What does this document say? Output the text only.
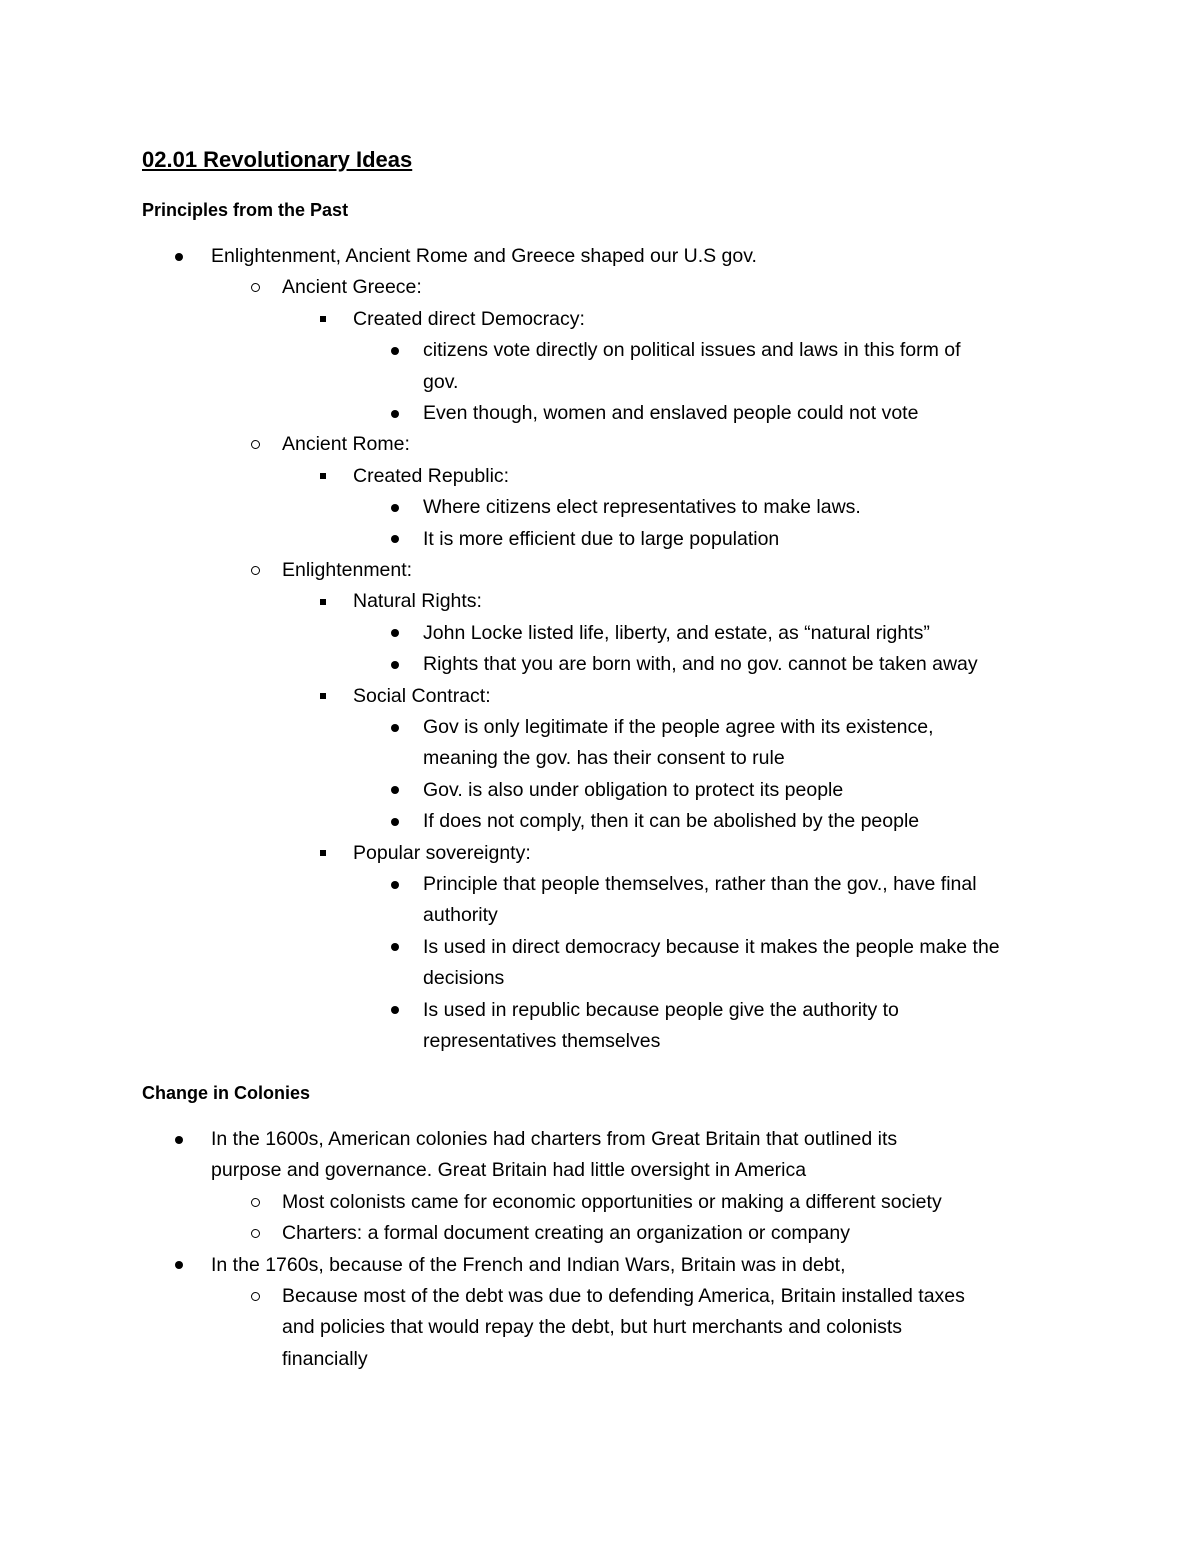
02.01 Revolutionary Ideas
Principles from the Past
Enlightenment, Ancient Rome and Greece shaped our U.S gov.
Ancient Greece:
Created direct Democracy:
citizens vote directly on political issues and laws in this form of
gov.
Even though, women and enslaved people could not vote
Ancient Rome:
Created Republic:
Where citizens elect representatives to make laws.
It is more efficient due to large population
Enlightenment:
Natural Rights:
John Locke listed life, liberty, and estate, as “natural rights”
Rights that you are born with, and no gov. cannot be taken away
Social Contract:
Gov is only legitimate if the people agree with its existence,
meaning the gov. has their consent to rule
Gov. is also under obligation to protect its people
If does not comply, then it can be abolished by the people
Popular sovereignty:
Principle that people themselves, rather than the gov., have final
authority
Is used in direct democracy because it makes the people make the
decisions
Is used in republic because people give the authority to
representatives themselves
Change in Colonies
In the 1600s, American colonies had charters from Great Britain that outlined its
purpose and governance. Great Britain had little oversight in America
Most colonists came for economic opportunities or making a different society
Charters: a formal document creating an organization or company
In the 1760s, because of the French and Indian Wars, Britain was in debt,
Because most of the debt was due to defending America, Britain installed taxes
and policies that would repay the debt, but hurt merchants and colonists
financially
